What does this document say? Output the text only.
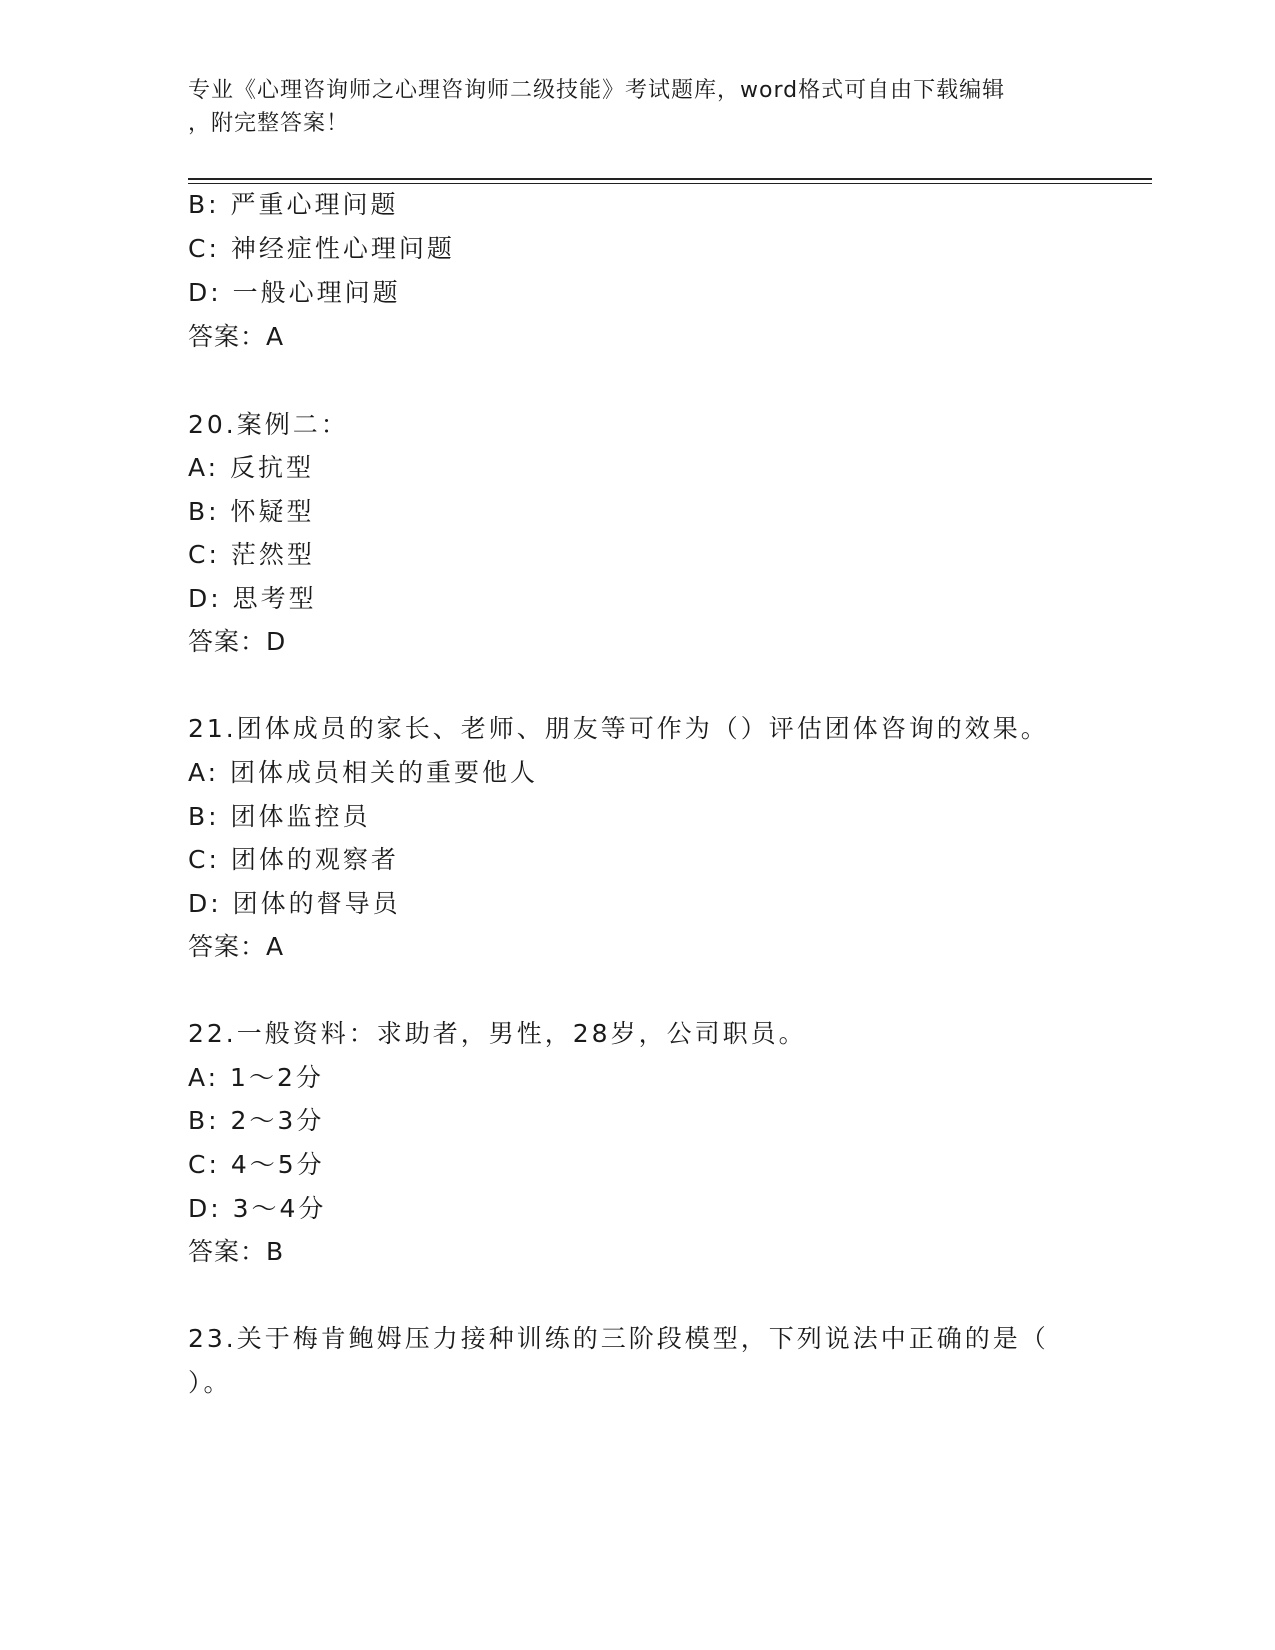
专业《心理咨询师之心理咨询师二级技能》考试题库，word格式可自由下载编辑
，附完整答案！
B: 严重心理问题
C: 神经症性心理问题
D: 一般心理问题
答案：A
20.案例二：
A: 反抗型
B: 怀疑型
C: 茫然型
D: 思考型
答案：D
21.团体成员的家长、老师、朋友等可作为（）评估团体咨询的效果。
A: 团体成员相关的重要他人
B: 团体监控员
C: 团体的观察者
D: 团体的督导员
答案：A
22.一般资料：求助者，男性，28岁，公司职员。
A: 1～2分
B: 2～3分
C: 4～5分
D: 3～4分
答案：B
23.关于梅肯鲍姆压力接种训练的三阶段模型，下列说法中正确的是（
）。
